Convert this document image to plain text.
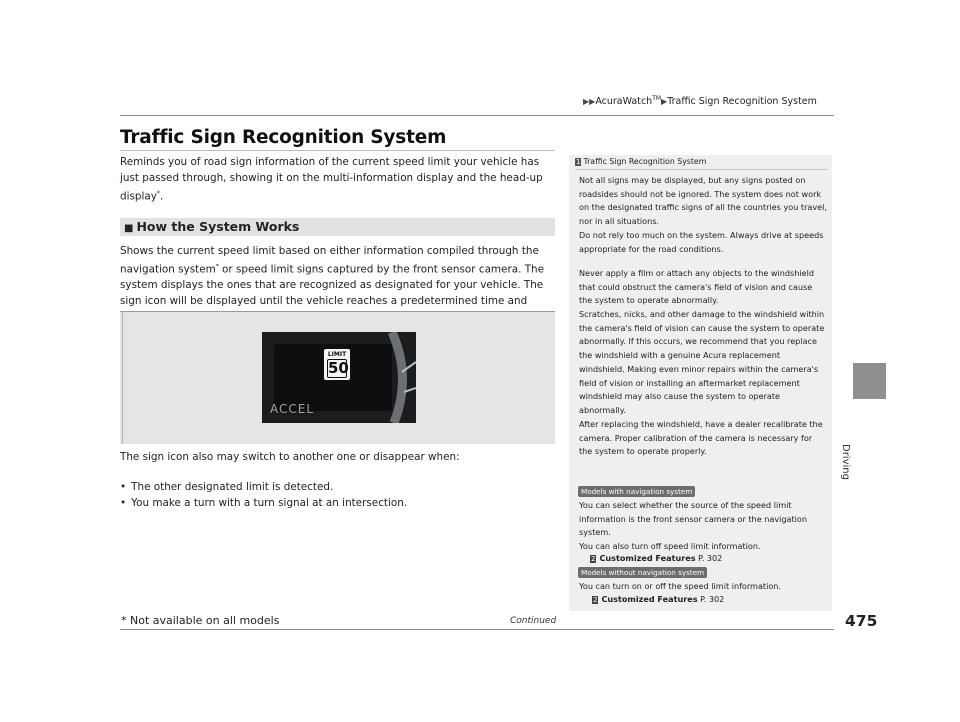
▶▶AcuraWatch™▶Traffic Sign Recognition System
Traffic Sign Recognition System
Reminds you of road sign information of the current speed limit your vehicle has just passed through, showing it on the multi-information display and the head-up display*.
■ How the System Works
Shows the current speed limit based on either information compiled through the navigation system* or speed limit signs captured by the front sensor camera. The system displays the ones that are recognized as designated for your vehicle. The sign icon will be displayed until the vehicle reaches a predetermined time and
LIMIT
50
ACCEL
The sign icon also may switch to another one or disappear when:
• The other designated limit is detected.
• You make a turn with a turn signal at an intersection.
1 Traffic Sign Recognition System
Not all signs may be displayed, but any signs posted on roadsides should not be ignored. The system does not work on the designated traffic signs of all the countries you travel, nor in all situations.
Do not rely too much on the system. Always drive at speeds appropriate for the road conditions.
Never apply a film or attach any objects to the windshield that could obstruct the camera's field of vision and cause the system to operate abnormally.
Scratches, nicks, and other damage to the windshield within the camera's field of vision can cause the system to operate abnormally. If this occurs, we recommend that you replace the windshield with a genuine Acura replacement windshield. Making even minor repairs within the camera's field of vision or installing an aftermarket replacement windshield may also cause the system to operate abnormally.
After replacing the windshield, have a dealer recalibrate the camera. Proper calibration of the camera is necessary for the system to operate properly.
Models with navigation system
You can select whether the source of the speed limit information is the front sensor camera or the navigation system.
You can also turn off speed limit information.
2 Customized Features P. 302
Models without navigation system
You can turn on or off the speed limit information.
2 Customized Features P. 302
Driving
475
* Not available on all models	Continued
